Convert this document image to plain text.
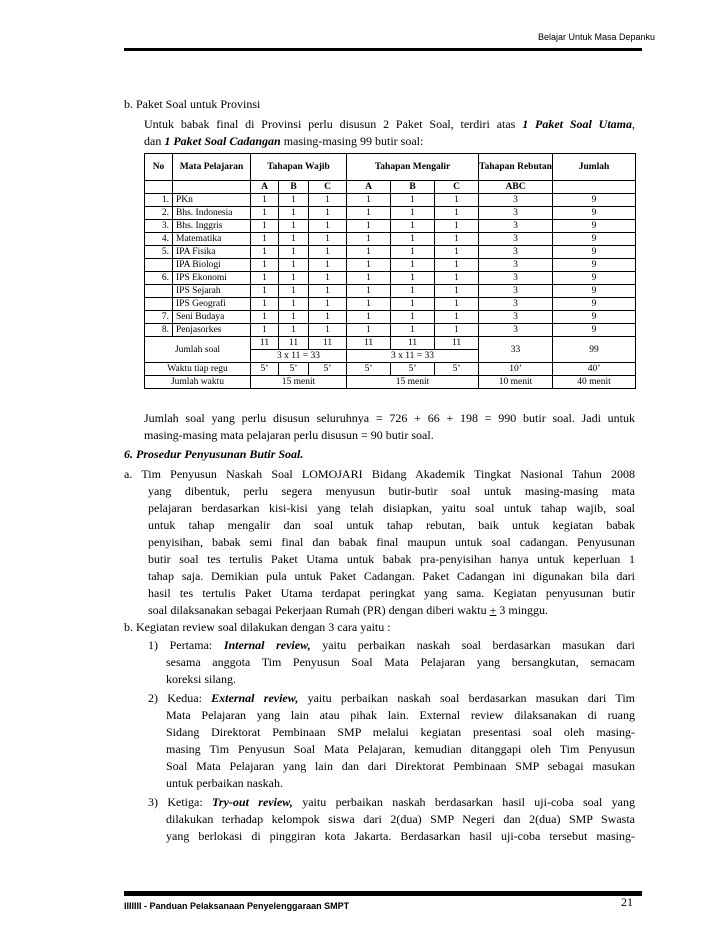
Belajar Untuk Masa Depanku
b. Paket Soal untuk Provinsi
Untuk babak final di Provinsi perlu disusun 2 Paket Soal, terdiri atas 1 Paket Soal Utama,
dan 1 Paket Soal Cadangan masing-masing 99 butir soal:
No	Mata Pelajaran	Tahapan Wajib			Tahapan Mengalir			Tahapan Rebutan	Jumlah

		A	B	C	A	B	C	ABC	
1.	PKn	1	1	1	1	1	1	3	9
2.	Bhs. Indonesia	1	1	1	1	1	1	3	9
3.	Bhs. Inggris	1	1	1	1	1	1	3	9
4.	Matematika	1	1	1	1	1	1	3	9
5.	IPA Fisika	1	1	1	1	1	1	3	9
	IPA Biologi	1	1	1	1	1	1	3	9
6.	IPS Ekonomi	1	1	1	1	1	1	3	9
	IPS Sejarah	1	1	1	1	1	1	3	9
	IPS Geografi	1	1	1	1	1	1	3	9
7.	Seni Budaya	1	1	1	1	1	1	3	9
8.	Penjasorkes	1	1	1	1	1	1	3	9
Jumlah soal		11	11	11	11	11	11	33	99
		3 x 11 = 33			3 x 11 = 33				
Waktu tiap regu		5’	5’	5’	5’	5’	5’	10’	40’
Jumlah waktu		15 menit			15 menit			10 menit	40 menit
Jumlah soal yang perlu disusun seluruhnya = 726 + 66 + 198 = 990 butir soal. Jadi untuk
masing-masing mata pelajaran perlu disusun = 90 butir soal.
6. Prosedur Penyusunan Butir Soal.
a. Tim Penyusun Naskah Soal LOMOJARI Bidang Akademik Tingkat Nasional Tahun 2008
yang dibentuk, perlu segera menyusun butir-butir soal untuk masing-masing mata
pelajaran berdasarkan kisi-kisi yang telah disiapkan, yaitu soal untuk tahap wajib, soal
untuk tahap mengalir dan soal untuk tahap rebutan, baik untuk kegiatan babak
penyisihan, babak semi final dan babak final maupun untuk soal cadangan. Penyusunan
butir soal tes tertulis Paket Utama untuk babak pra-penyisihan hanya untuk keperluan 1
tahap saja. Demikian pula untuk Paket Cadangan. Paket Cadangan ini digunakan bila dari
hasil tes tertulis Paket Utama terdapat peringkat yang sama. Kegiatan penyusunan butir
soal dilaksanakan sebagai Pekerjaan Rumah (PR) dengan diberi waktu + 3 minggu.
b. Kegiatan review soal dilakukan dengan 3 cara yaitu :
1) Pertama: Internal review, yaitu perbaikan naskah soal berdasarkan masukan dari
sesama anggota Tim Penyusun Soal Mata Pelajaran yang bersangkutan, semacam
koreksi silang.
2) Kedua: External review, yaitu perbaikan naskah soal berdasarkan masukan dari Tim
Mata Pelajaran yang lain atau pihak lain. External review dilaksanakan di ruang
Sidang Direktorat Pembinaan SMP melalui kegiatan presentasi soal oleh masing-
masing Tim Penyusun Soal Mata Pelajaran, kemudian ditanggapi oleh Tim Penyusun
Soal Mata Pelajaran yang lain dan dari Direktorat Pembinaan SMP sebagai masukan
untuk perbaikan naskah.
3) Ketiga: Try-out review, yaitu perbaikan naskah berdasarkan hasil uji-coba soal yang
dilakukan terhadap kelompok siswa dari 2(dua) SMP Negeri dan 2(dua) SMP Swasta
yang berlokasi di pinggiran kota Jakarta. Berdasarkan hasil uji-coba tersebut masing-
IIIIIII - Panduan Pelaksanaan Penyelenggaraan SMPT	21
